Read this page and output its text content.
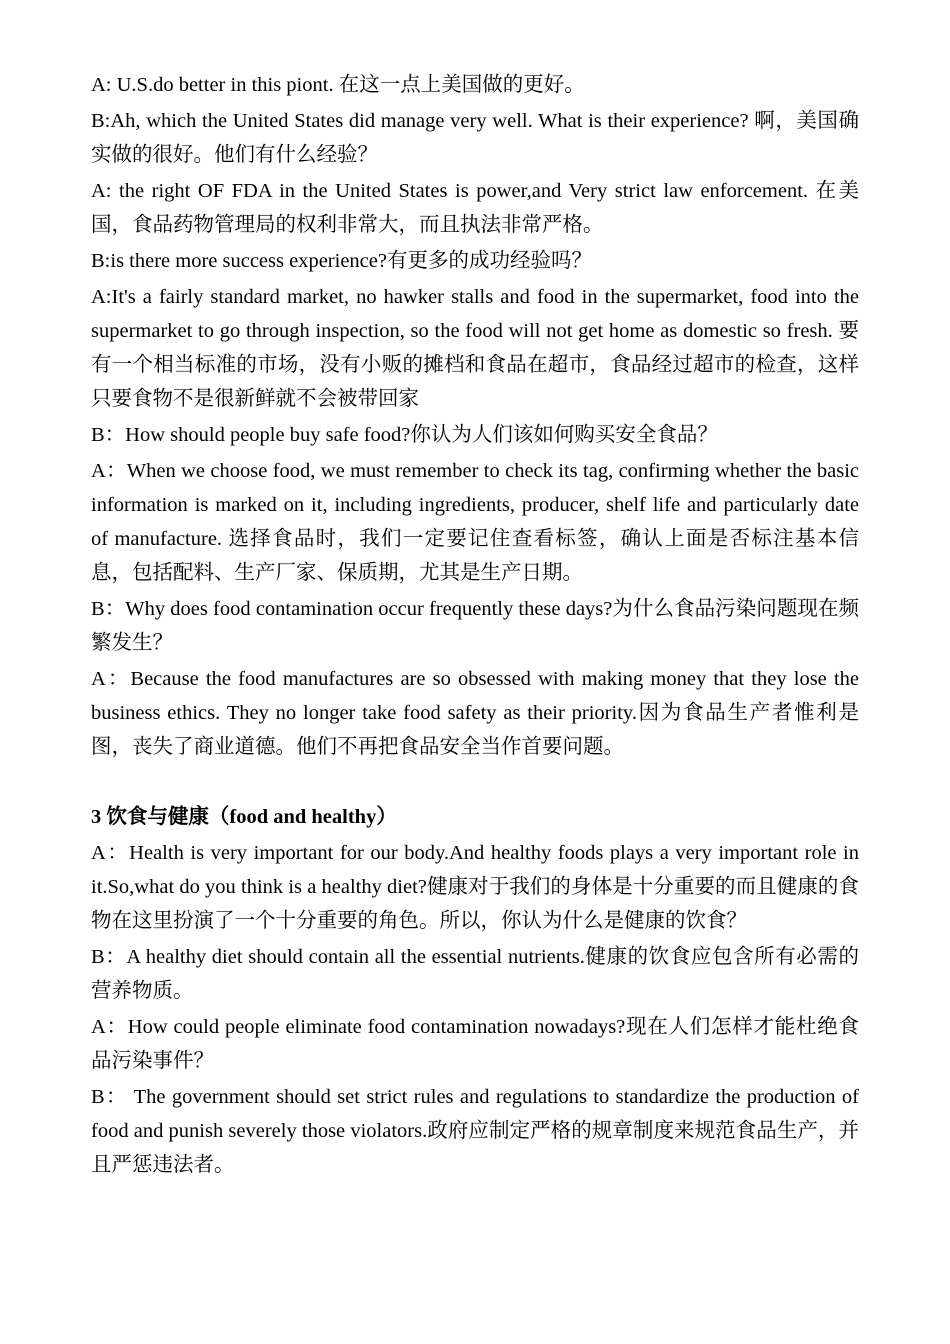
A: U.S.do better in this piont. 在这一点上美国做的更好。

B:Ah, which the United States did manage very well. What is their experience? 啊，美国确实做的很好。他们有什么经验？

A: the right OF FDA in the United States is power,and Very strict law enforcement. 在美国，食品药物管理局的权利非常大，而且执法非常严格。

B:is there more success experience?有更多的成功经验吗？

A:It's a fairly standard market, no hawker stalls and food in the supermarket, food into the supermarket to go through inspection, so the food will not get home as domestic so fresh. 要有一个相当标准的市场，没有小贩的摊档和食品在超市，食品经过超市的检查，这样只要食物不是很新鲜就不会被带回家

B：How should people buy safe food?你认为人们该如何购买安全食品？

A：When we choose food, we must remember to check its tag, confirming whether the basic information is marked on it, including ingredients, producer, shelf life and particularly date of manufacture. 选择食品时，我们一定要记住查看标签，确认上面是否标注基本信息，包括配料、生产厂家、保质期，尤其是生产日期。

B：Why does food contamination occur frequently these days?为什么食品污染问题现在频繁发生？

A：Because the food manufactures are so obsessed with making money that they lose the business ethics. They no longer take food safety as their priority.因为食品生产者惟利是图，丧失了商业道德。他们不再把食品安全当作首要问题。

3 饮食与健康（food and healthy）

A：Health is very important for our body.And healthy foods plays a very important role in it.So,what do you think is a healthy diet?健康对于我们的身体是十分重要的而且健康的食物在这里扮演了一个十分重要的角色。所以，你认为什么是健康的饮食？

B：A healthy diet should contain all the essential nutrients.健康的饮食应包含所有必需的营养物质。

A：How could people eliminate food contamination nowadays?现在人们怎样才能杜绝食品污染事件？

B： The government should set strict rules and regulations to standardize the production of food and punish severely those violators.政府应制定严格的规章制度来规范食品生产，并且严惩违法者。
